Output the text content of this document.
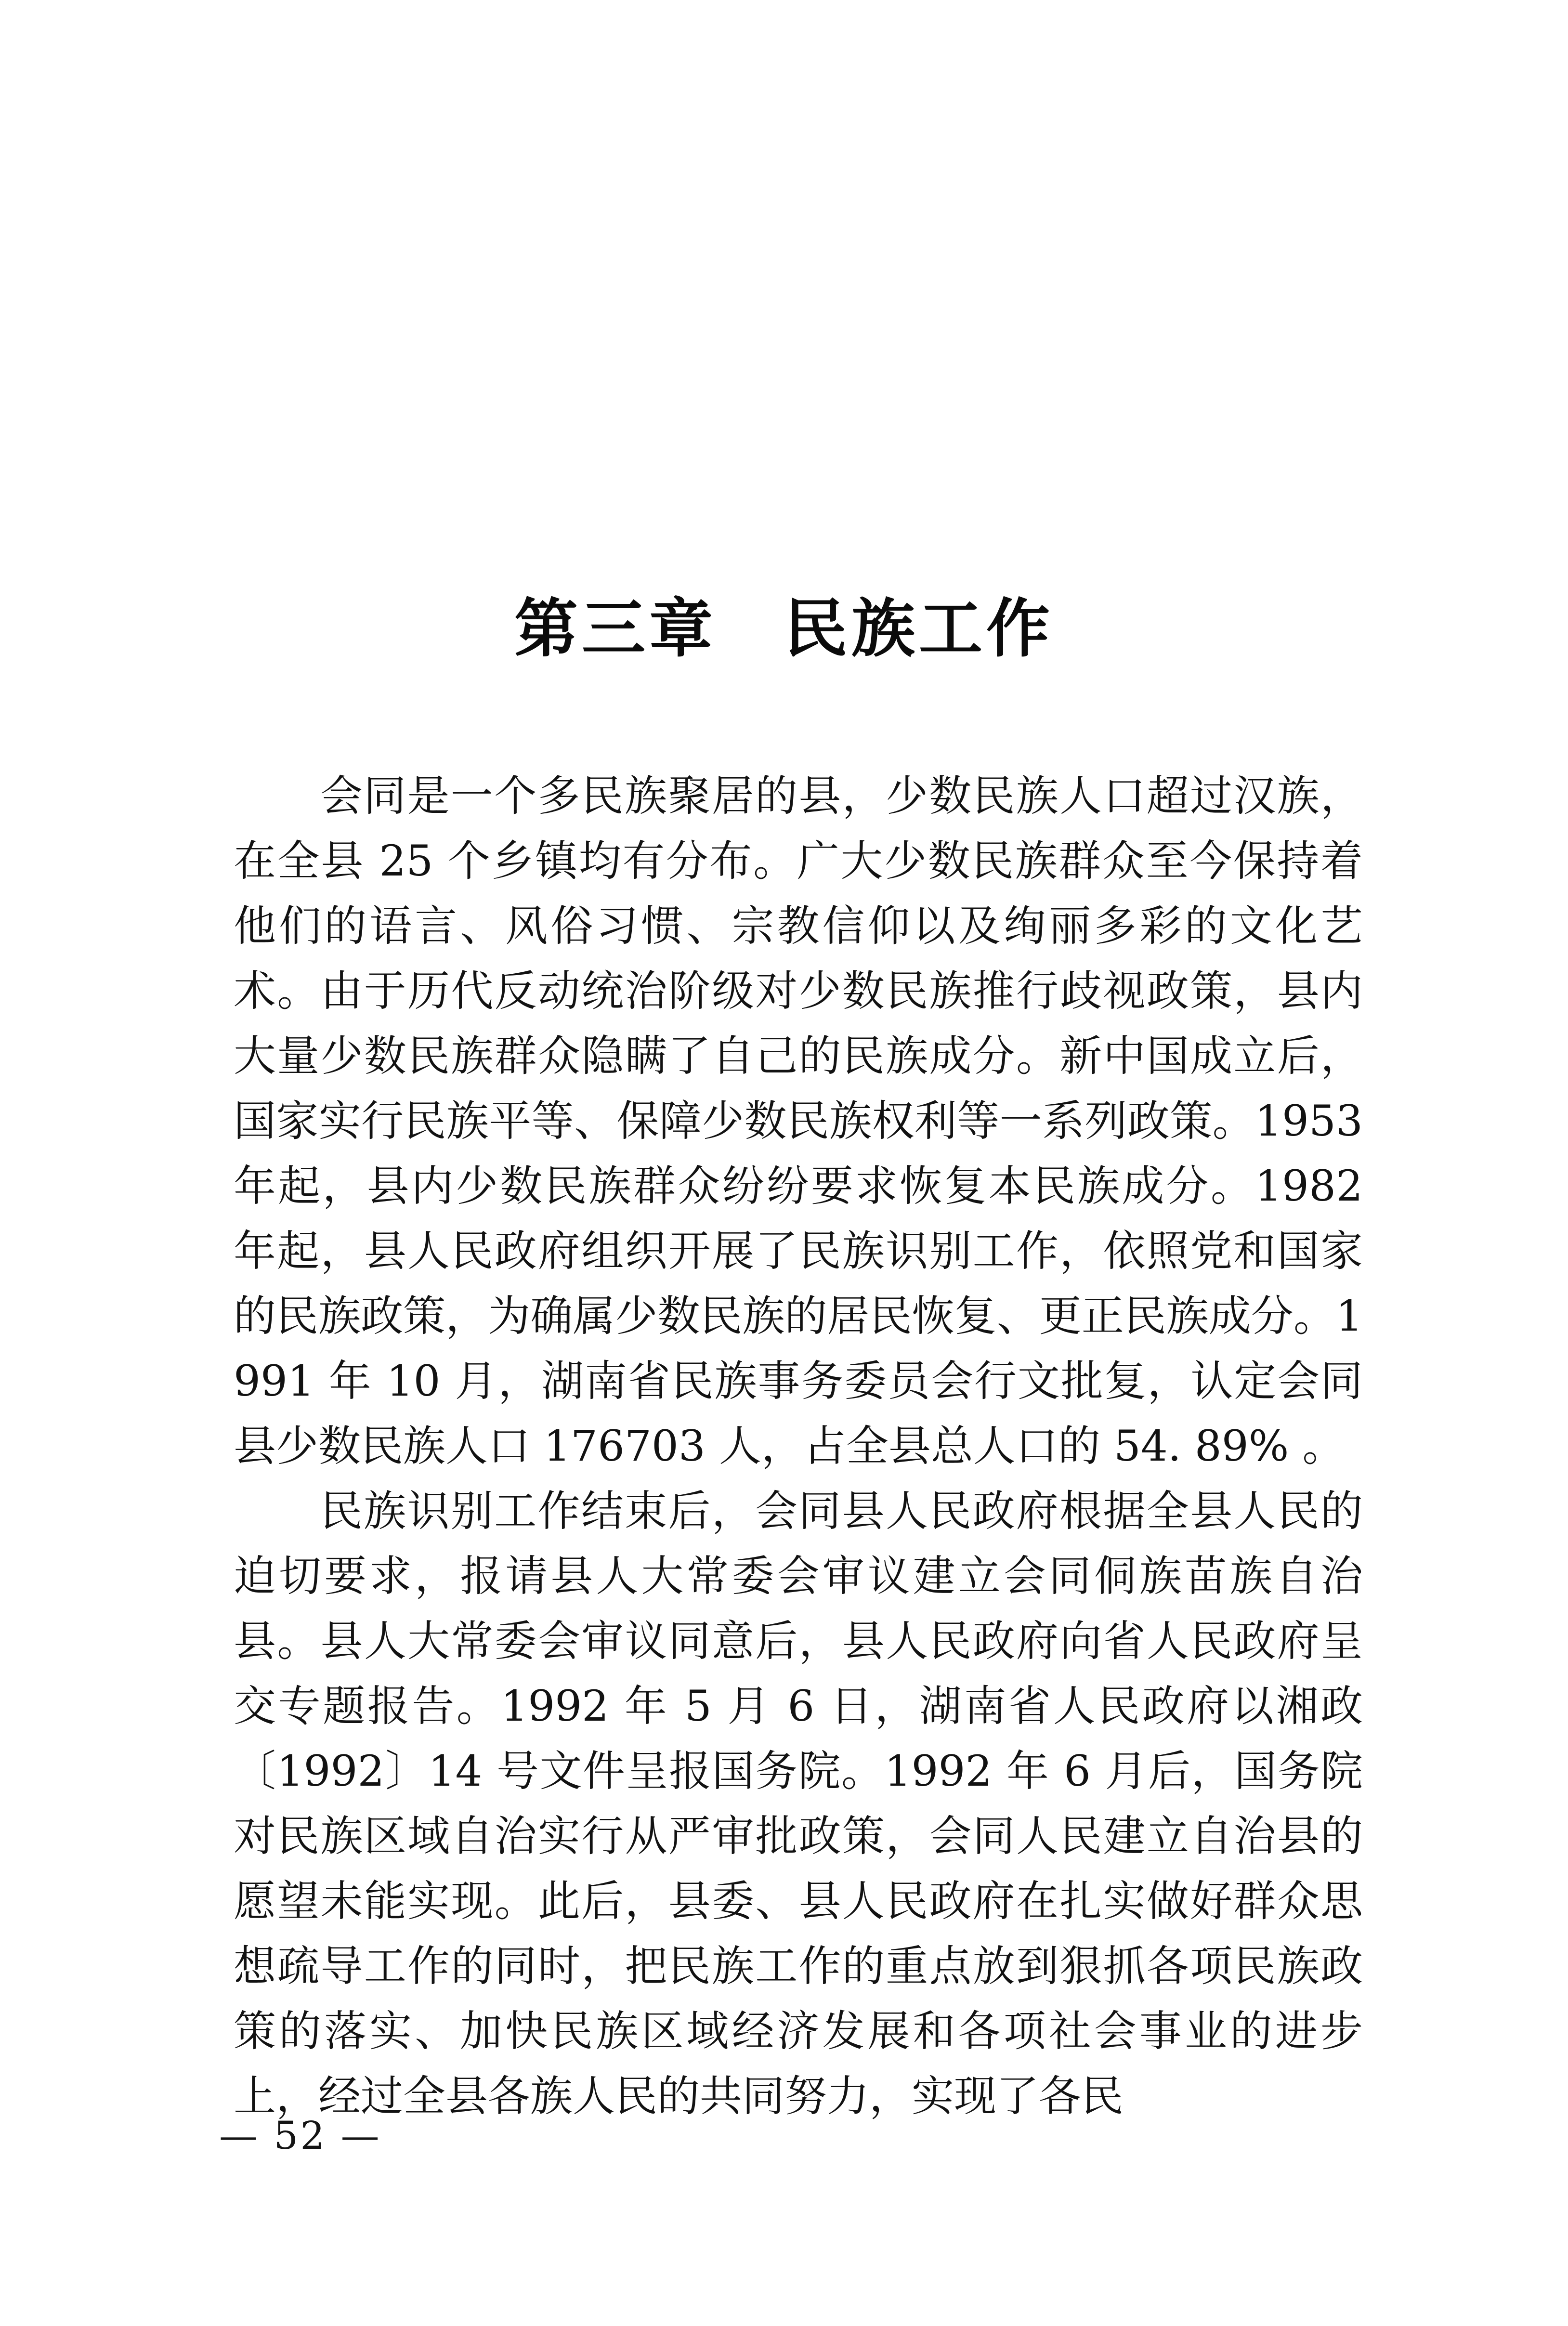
第三章　民族工作

会同是一个多民族聚居的县，少数民族人口超过汉族，在全县 25 个乡镇均有分布。广大少数民族群众至今保持着他们的语言、风俗习惯、宗教信仰以及绚丽多彩的文化艺术。由于历代反动统治阶级对少数民族推行歧视政策，县内大量少数民族群众隐瞒了自己的民族成分。新中国成立后，国家实行民族平等、保障少数民族权利等一系列政策。1953 年起，县内少数民族群众纷纷要求恢复本民族成分。1982 年起，县人民政府组织开展了民族识别工作，依照党和国家的民族政策，为确属少数民族的居民恢复、更正民族成分。1991 年 10 月，湖南省民族事务委员会行文批复，认定会同县少数民族人口 176703 人，占全县总人口的 54. 89% 。

民族识别工作结束后，会同县人民政府根据全县人民的迫切要求，报请县人大常委会审议建立会同侗族苗族自治县。县人大常委会审议同意后，县人民政府向省人民政府呈交专题报告。1992 年 5 月 6 日，湖南省人民政府以湘政〔1992〕14 号文件呈报国务院。1992 年 6 月后，国务院对民族区域自治实行从严审批政策，会同人民建立自治县的愿望未能实现。此后，县委、县人民政府在扎实做好群众思想疏导工作的同时，把民族工作的重点放到狠抓各项民族政策的落实、加快民族区域经济发展和各项社会事业的进步上，经过全县各族人民的共同努力，实现了各民

— 52 —
